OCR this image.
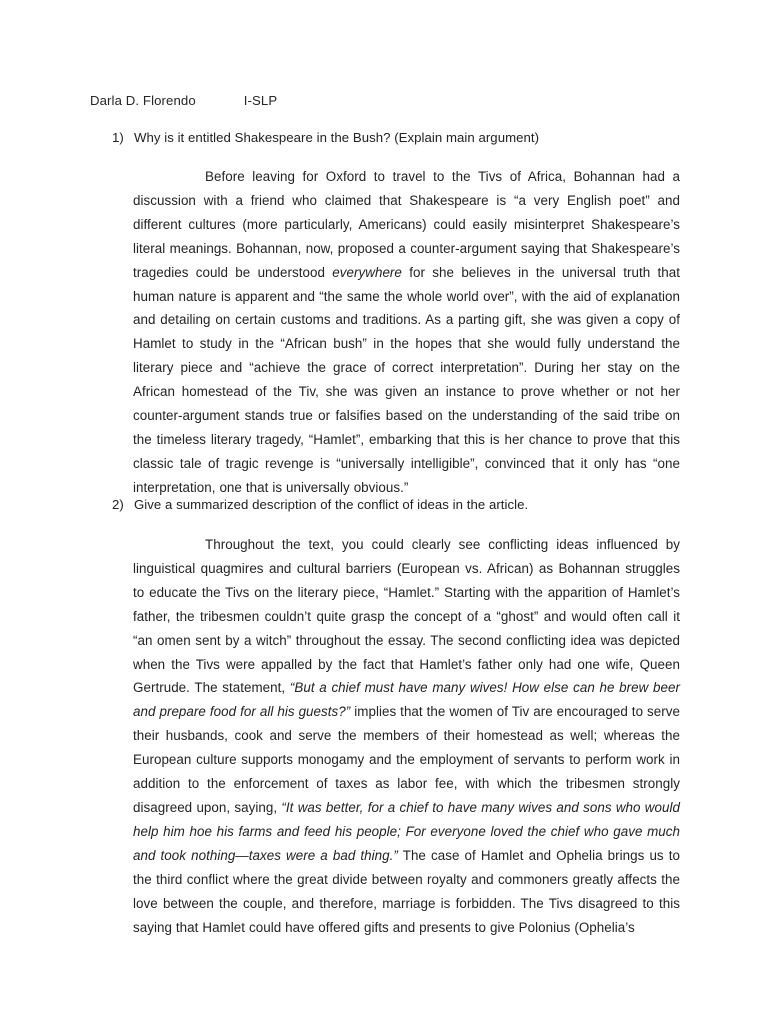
Darla D. Florendo	I-SLP
1) Why is it entitled Shakespeare in the Bush? (Explain main argument)
Before leaving for Oxford to travel to the Tivs of Africa, Bohannan had a discussion with a friend who claimed that Shakespeare is “a very English poet” and different cultures (more particularly, Americans) could easily misinterpret Shakespeare’s literal meanings. Bohannan, now, proposed a counter-argument saying that Shakespeare’s tragedies could be understood everywhere for she believes in the universal truth that human nature is apparent and “the same the whole world over”, with the aid of explanation and detailing on certain customs and traditions. As a parting gift, she was given a copy of Hamlet to study in the “African bush” in the hopes that she would fully understand the literary piece and “achieve the grace of correct interpretation”. During her stay on the African homestead of the Tiv, she was given an instance to prove whether or not her counter-argument stands true or falsifies based on the understanding of the said tribe on the timeless literary tragedy, “Hamlet”, embarking that this is her chance to prove that this classic tale of tragic revenge is “universally intelligible”, convinced that it only has “one interpretation, one that is universally obvious.”
2) Give a summarized description of the conflict of ideas in the article.
Throughout the text, you could clearly see conflicting ideas influenced by linguistical quagmires and cultural barriers (European vs. African) as Bohannan struggles to educate the Tivs on the literary piece, “Hamlet.” Starting with the apparition of Hamlet’s father, the tribesmen couldn’t quite grasp the concept of a “ghost” and would often call it “an omen sent by a witch” throughout the essay. The second conflicting idea was depicted when the Tivs were appalled by the fact that Hamlet’s father only had one wife, Queen Gertrude. The statement, “But a chief must have many wives! How else can he brew beer and prepare food for all his guests?” implies that the women of Tiv are encouraged to serve their husbands, cook and serve the members of their homestead as well; whereas the European culture supports monogamy and the employment of servants to perform work in addition to the enforcement of taxes as labor fee, with which the tribesmen strongly disagreed upon, saying, “It was better, for a chief to have many wives and sons who would help him hoe his farms and feed his people; For everyone loved the chief who gave much and took nothing—taxes were a bad thing.” The case of Hamlet and Ophelia brings us to the third conflict where the great divide between royalty and commoners greatly affects the love between the couple, and therefore, marriage is forbidden. The Tivs disagreed to this saying that Hamlet could have offered gifts and presents to give Polonius (Ophelia’s
